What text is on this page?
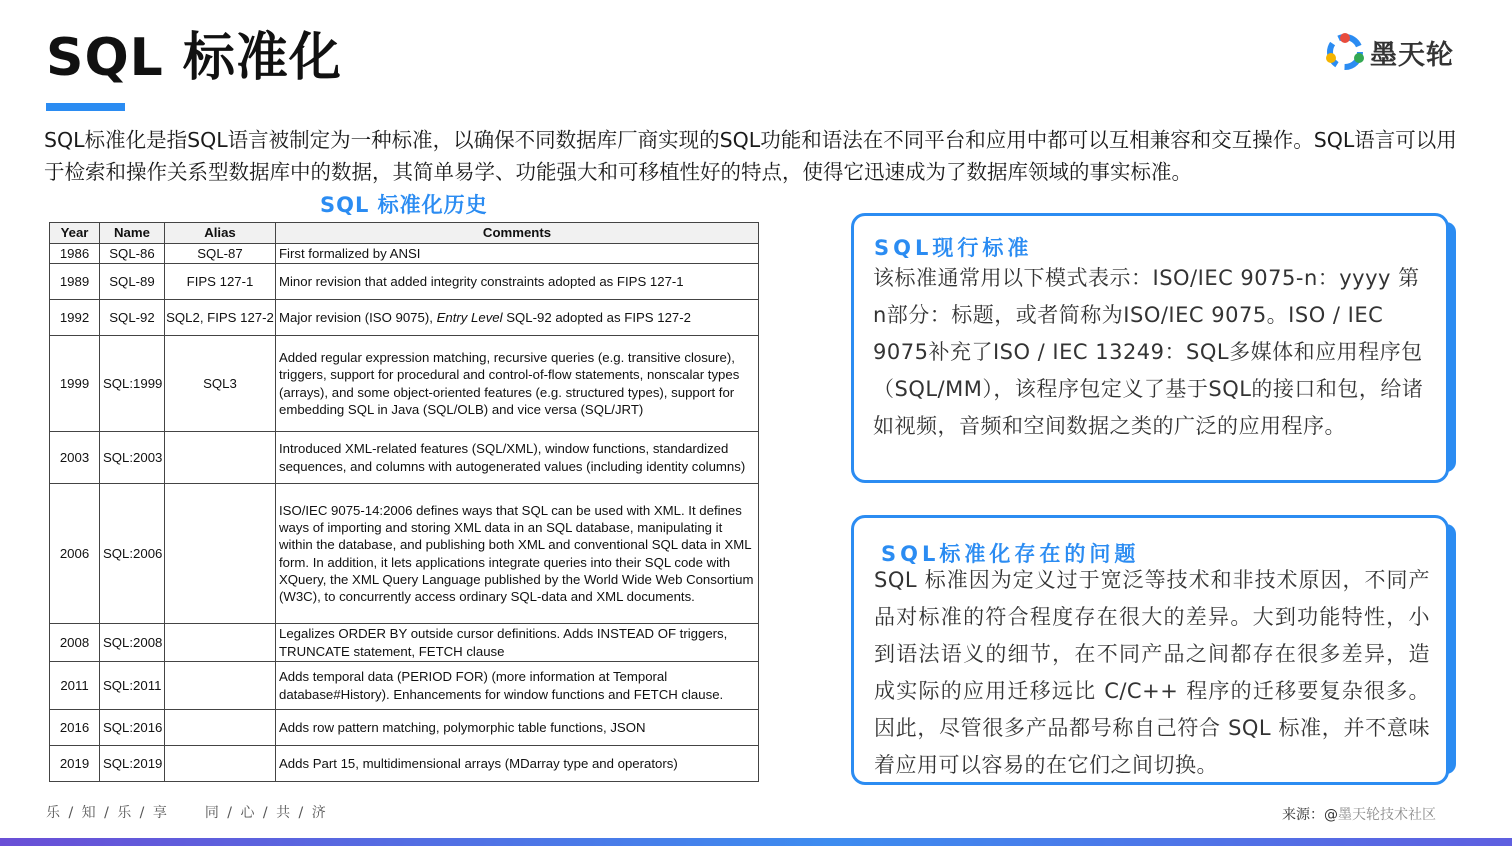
SQL 标准化	墨天轮
SQL标准化是指SQL语言被制定为一种标准，以确保不同数据库厂商实现的SQL功能和语法在不同平台和应用中都可以互相兼容和交互操作。SQL语言可以用于检索和操作关系型数据库中的数据，其简单易学、功能强大和可移植性好的特点，使得它迅速成为了数据库领域的事实标准。
SQL 标准化历史
Year	Name	Alias	Comments
1986	SQL-86	SQL-87	First formalized by ANSI
1989	SQL-89	FIPS 127-1	Minor revision that added integrity constraints adopted as FIPS 127-1
1992	SQL-92	SQL2, FIPS 127-2	Major revision (ISO 9075), Entry Level SQL-92 adopted as FIPS 127-2
1999	SQL:1999	SQL3	Added regular expression matching, recursive queries (e.g. transitive closure), triggers, support for procedural and control-of-flow statements, nonscalar types (arrays), and some object-oriented features (e.g. structured types), support for embedding SQL in Java (SQL/OLB) and vice versa (SQL/JRT)
2003	SQL:2003		Introduced XML-related features (SQL/XML), window functions, standardized sequences, and columns with autogenerated values (including identity columns)
2006	SQL:2006		ISO/IEC 9075-14:2006 defines ways that SQL can be used with XML. It defines ways of importing and storing XML data in an SQL database, manipulating it within the database, and publishing both XML and conventional SQL data in XML form. In addition, it lets applications integrate queries into their SQL code with XQuery, the XML Query Language published by the World Wide Web Consortium (W3C), to concurrently access ordinary SQL-data and XML documents.
2008	SQL:2008		Legalizes ORDER BY outside cursor definitions. Adds INSTEAD OF triggers, TRUNCATE statement, FETCH clause
2011	SQL:2011		Adds temporal data (PERIOD FOR) (more information at Temporal database#History). Enhancements for window functions and FETCH clause.
2016	SQL:2016		Adds row pattern matching, polymorphic table functions, JSON
2019	SQL:2019		Adds Part 15, multidimensional arrays (MDarray type and operators)
SQL现行标准
该标准通常用以下模式表示：ISO/IEC 9075-n：yyyy 第n部分：标题，或者简称为ISO/IEC 9075。ISO / IEC 9075补充了ISO / IEC 13249：SQL多媒体和应用程序包（SQL/MM），该程序包定义了基于SQL的接口和包，给诸如视频，音频和空间数据之类的广泛的应用程序。
SQL标准化存在的问题
SQL 标准因为定义过于宽泛等技术和非技术原因，不同产品对标准的符合程度存在很大的差异。大到功能特性，小到语法语义的细节，在不同产品之间都存在很多差异，造成实际的应用迁移远比 C/C++ 程序的迁移要复杂很多。因此，尽管很多产品都号称自己符合 SQL 标准，并不意味着应用可以容易的在它们之间切换。
乐 / 知 / 乐 / 享	同 / 心 / 共 / 济	来源：@墨天轮技术社区
